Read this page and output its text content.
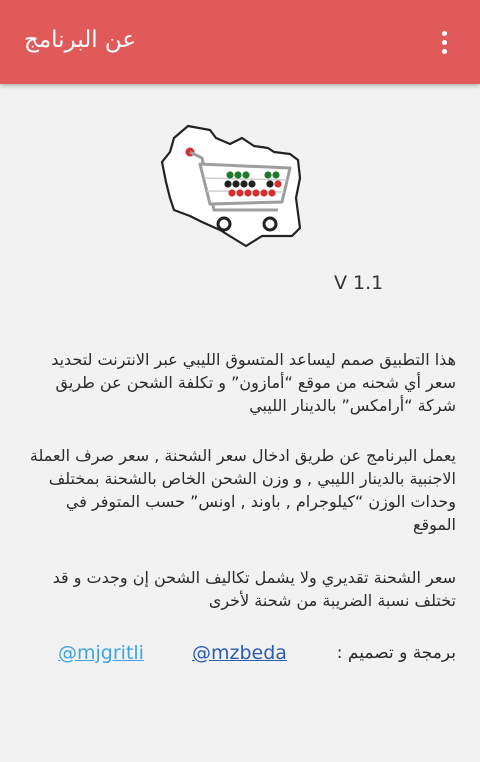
عن البرنامج
V 1.1
هذا التطبيق صمم ليساعد المتسوق الليبي عبر الانترنت لتحديد سعر أي شحنه من موقع “أمازون” و تكلفة الشحن عن طريق شركة “أرامكس” بالدينار الليبي
يعمل البرنامج عن طريق ادخال سعر الشحنة , سعر صرف العملة الاجنبية بالدينار الليبي , و وزن الشحن الخاص بالشحنة بمختلف وحدات الوزن “كيلوجرام , باوند , اونس” حسب المتوفر في الموقع
سعر الشحنة تقديري ولا يشمل تكاليف الشحن إن وجدت و قد تختلف نسبة الضريبة من شحنة لأخرى
برمجة و تصميم :
@mzbeda
@mjgritli
